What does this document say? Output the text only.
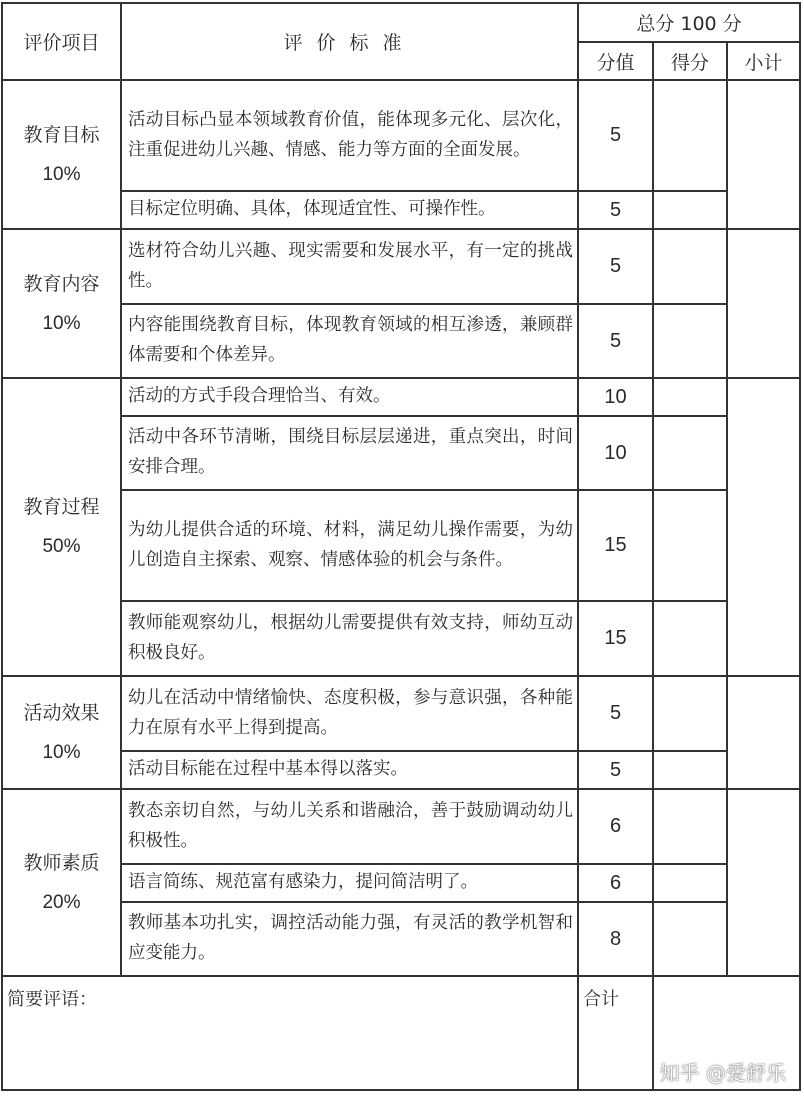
评价项目	评价标准	总分 100 分		
		分值	得分	小计

教育目标
10%	活动目标凸显本领域教育价值，能体现多元化、层次化，注重促进幼儿兴趣、情感、能力等方面的全面发展。	5		
	目标定位明确、具体，体现适宜性、可操作性。	5		

教育内容
10%	选材符合幼儿兴趣、现实需要和发展水平，有一定的挑战性。	5		
	内容能围绕教育目标，体现教育领域的相互渗透，兼顾群体需要和个体差异。	5		

教育过程
50%	活动的方式手段合理恰当、有效。	10		
	活动中各环节清晰，围绕目标层层递进，重点突出，时间安排合理。	10		
	为幼儿提供合适的环境、材料，满足幼儿操作需要，为幼儿创造自主探索、观察、情感体验的机会与条件。	15		
	教师能观察幼儿，根据幼儿需要提供有效支持，师幼互动积极良好。	15		

活动效果
10%	幼儿在活动中情绪愉快、态度积极，参与意识强，各种能力在原有水平上得到提高。	5		
	活动目标能在过程中基本得以落实。	5		

教师素质
20%	教态亲切自然，与幼儿关系和谐融洽，善于鼓励调动幼儿积极性。	6		
	语言简练、规范富有感染力，提问简洁明了。	6		
	教师基本功扎实，调控活动能力强，有灵活的教学机智和应变能力。	8		
简要评语：		合计		
知乎 @爱舒乐
